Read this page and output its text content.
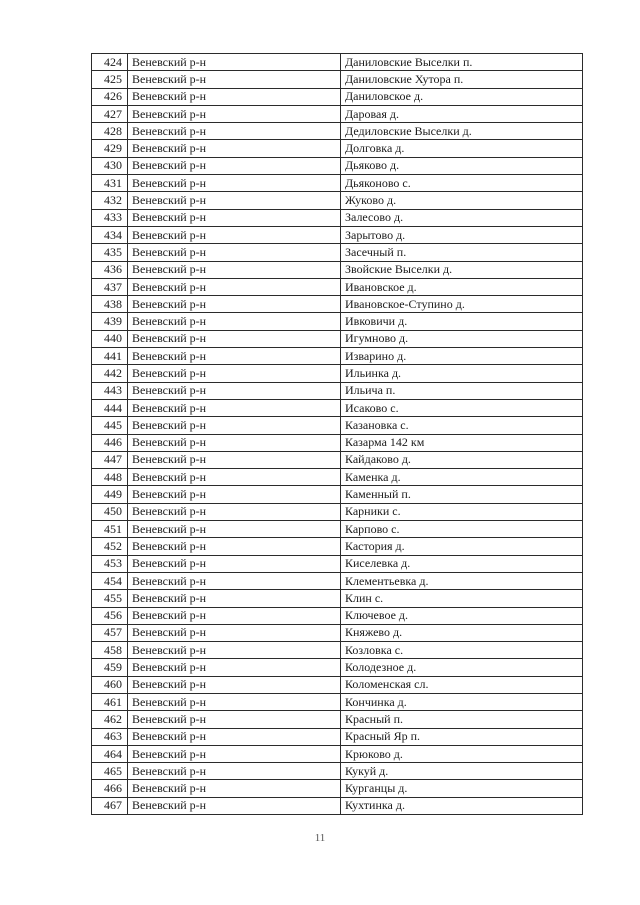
424	Веневский р-н	Даниловские Выселки п.
425	Веневский р-н	Даниловские Хутора п.
426	Веневский р-н	Даниловское д.
427	Веневский р-н	Даровая д.
428	Веневский р-н	Дедиловские Выселки д.
429	Веневский р-н	Долговка д.
430	Веневский р-н	Дьяково д.
431	Веневский р-н	Дьяконово с.
432	Веневский р-н	Жуково д.
433	Веневский р-н	Залесово д.
434	Веневский р-н	Зарытово д.
435	Веневский р-н	Засечный п.
436	Веневский р-н	Звойские Выселки д.
437	Веневский р-н	Ивановское д.
438	Веневский р-н	Ивановское-Ступино д.
439	Веневский р-н	Ивковичи д.
440	Веневский р-н	Игумново д.
441	Веневский р-н	Изварино д.
442	Веневский р-н	Ильинка д.
443	Веневский р-н	Ильича п.
444	Веневский р-н	Исаково с.
445	Веневский р-н	Казановка с.
446	Веневский р-н	Казарма 142 км
447	Веневский р-н	Кайдаково д.
448	Веневский р-н	Каменка д.
449	Веневский р-н	Каменный п.
450	Веневский р-н	Карники с.
451	Веневский р-н	Карпово с.
452	Веневский р-н	Кастория д.
453	Веневский р-н	Киселевка д.
454	Веневский р-н	Клементьевка д.
455	Веневский р-н	Клин с.
456	Веневский р-н	Ключевое д.
457	Веневский р-н	Княжево д.
458	Веневский р-н	Козловка с.
459	Веневский р-н	Колодезное д.
460	Веневский р-н	Коломенская сл.
461	Веневский р-н	Кончинка д.
462	Веневский р-н	Красный п.
463	Веневский р-н	Красный Яр п.
464	Веневский р-н	Крюково д.
465	Веневский р-н	Кукуй д.
466	Веневский р-н	Курганцы д.
467	Веневский р-н	Кухтинка д.
11
